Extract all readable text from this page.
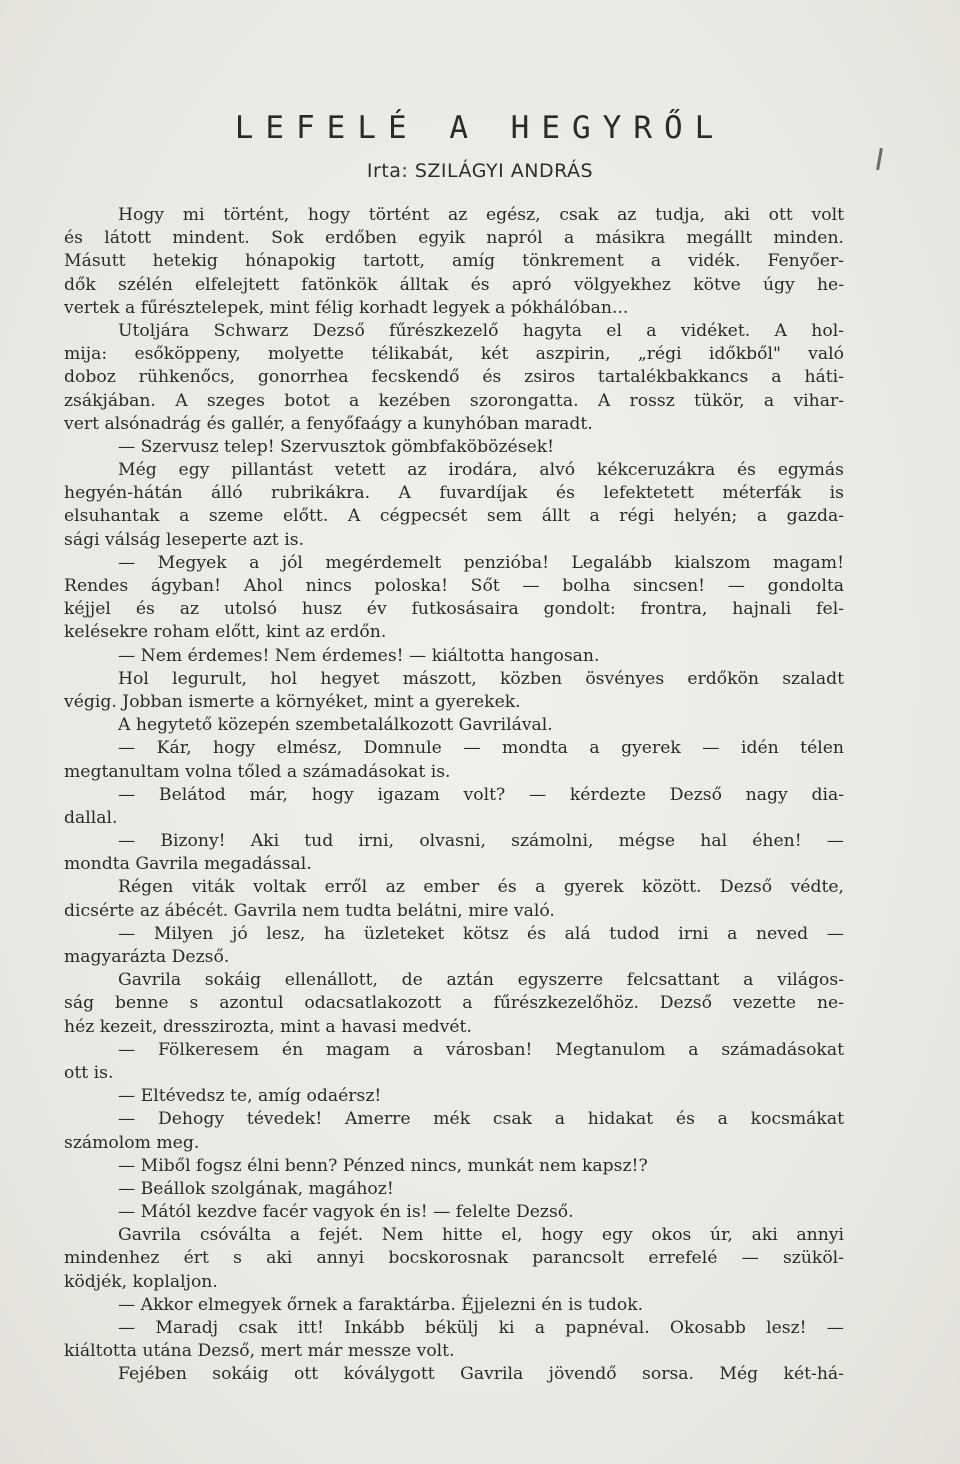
LEFELÉ A HEGYRŐL
Irta: SZILÁGYI ANDRÁS
Hogy mi történt, hogy történt az egész, csak az tudja, aki ott volt
és látott mindent. Sok erdőben egyik napról a másikra megállt minden.
Másutt hetekig hónapokig tartott, amíg tönkrement a vidék. Fenyőer-
dők szélén elfelejtett fatönkök álltak és apró völgyekhez kötve úgy he-
vertek a fűrésztelepek, mint félig korhadt legyek a pókhálóban...
Utoljára Schwarz Dezső fűrészkezelő hagyta el a vidéket. A hol-
mija: esőköppeny, molyette télikabát, két aszpirin, „régi időkből" való
doboz rühkenőcs, gonorrhea fecskendő és zsiros tartalékbakkancs a háti-
zsákjában. A szeges botot a kezében szorongatta. A rossz tükör, a vihar-
vert alsónadrág és gallér, a fenyőfaágy a kunyhóban maradt.
— Szervusz telep! Szervusztok gömbfaköbözések!
Még egy pillantást vetett az irodára, alvó kékceruzákra és egymás
hegyén-hátán álló rubrikákra. A fuvardíjak és lefektetett méterfák is
elsuhantak a szeme előtt. A cégpecsét sem állt a régi helyén; a gazda-
sági válság leseperte azt is.
— Megyek a jól megérdemelt penzióba! Legalább kialszom magam!
Rendes ágyban! Ahol nincs poloska! Sőt — bolha sincsen! — gondolta
kéjjel és az utolsó husz év futkosásaira gondolt: frontra, hajnali fel-
kelésekre roham előtt, kint az erdőn.
— Nem érdemes! Nem érdemes! — kiáltotta hangosan.
Hol legurult, hol hegyet mászott, közben ösvényes erdőkön szaladt
végig. Jobban ismerte a környéket, mint a gyerekek.
A hegytető közepén szembetalálkozott Gavrilával.
— Kár, hogy elmész, Domnule — mondta a gyerek — idén télen
megtanultam volna tőled a számadásokat is.
— Belátod már, hogy igazam volt? — kérdezte Dezső nagy dia-
dallal.
— Bizony! Aki tud irni, olvasni, számolni, mégse hal éhen! —
mondta Gavrila megadással.
Régen viták voltak erről az ember és a gyerek között. Dezső védte,
dicsérte az ábécét. Gavrila nem tudta belátni, mire való.
— Milyen jó lesz, ha üzleteket kötsz és alá tudod irni a neved —
magyarázta Dezső.
Gavrila sokáig ellenállott, de aztán egyszerre felcsattant a világos-
ság benne s azontul odacsatlakozott a fűrészkezelőhöz. Dezső vezette ne-
héz kezeit, dresszirozta, mint a havasi medvét.
— Fölkeresem én magam a városban! Megtanulom a számadásokat
ott is.
— Eltévedsz te, amíg odaérsz!
— Dehogy tévedek! Amerre mék csak a hidakat és a kocsmákat
számolom meg.
— Miből fogsz élni benn? Pénzed nincs, munkát nem kapsz!?
— Beállok szolgának, magához!
— Mától kezdve facér vagyok én is! — felelte Dezső.
Gavrila csóválta a fejét. Nem hitte el, hogy egy okos úr, aki annyi
mindenhez ért s aki annyi bocskorosnak parancsolt errefelé — szüköl-
ködjék, koplaljon.
— Akkor elmegyek őrnek a faraktárba. Éjjelezni én is tudok.
— Maradj csak itt! Inkább békülj ki a papnéval. Okosabb lesz! —
kiáltotta utána Dezső, mert már messze volt.
Fejében sokáig ott kóválygott Gavrila jövendő sorsa. Még két-há-
